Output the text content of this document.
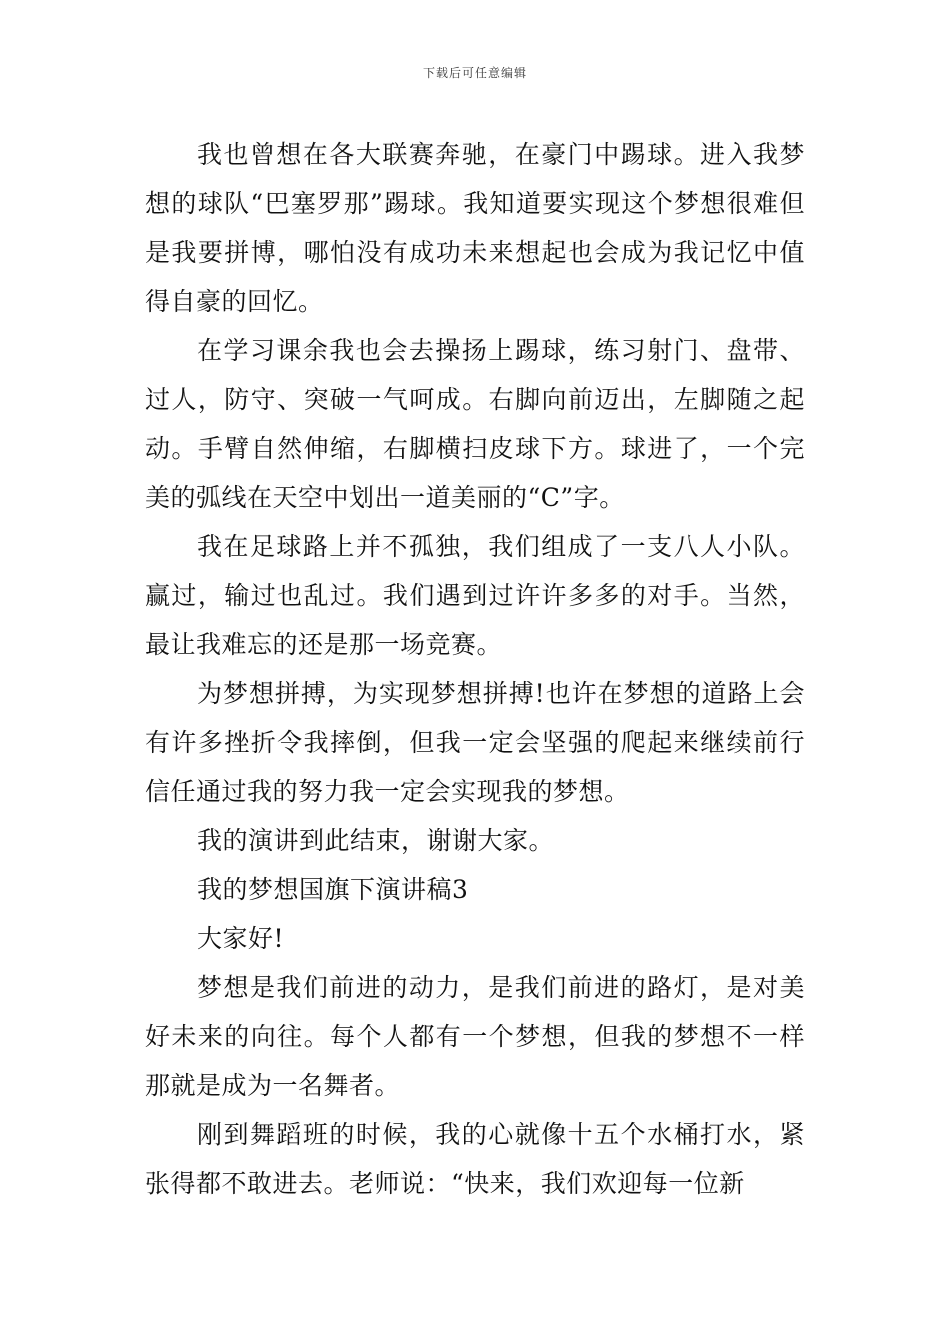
下载后可任意编辑

我也曾想在各大联赛奔驰，在豪门中踢球。进入我梦想的球队“巴塞罗那”踢球。我知道要实现这个梦想很难但是我要拼博，哪怕没有成功未来想起也会成为我记忆中值得自豪的回忆。

在学习课余我也会去操扬上踢球，练习射门、盘带、过人，防守、突破一气呵成。右脚向前迈出，左脚随之起动。手臂自然伸缩，右脚横扫皮球下方。球进了，一个完美的弧线在天空中划出一道美丽的“C”字。

我在足球路上并不孤独，我们组成了一支八人小队。赢过，输过也乱过。我们遇到过许许多多的对手。当然，最让我难忘的还是那一场竞赛。

为梦想拼搏，为实现梦想拼搏!也许在梦想的道路上会有许多挫折令我摔倒，但我一定会坚强的爬起来继续前行信任通过我的努力我一定会实现我的梦想。

我的演讲到此结束，谢谢大家。

我的梦想国旗下演讲稿3

大家好!

梦想是我们前进的动力，是我们前进的路灯，是对美好未来的向往。每个人都有一个梦想，但我的梦想不一样那就是成为一名舞者。

刚到舞蹈班的时候，我的心就像十五个水桶打水，紧张得都不敢进去。老师说：“快来，我们欢迎每一位新
